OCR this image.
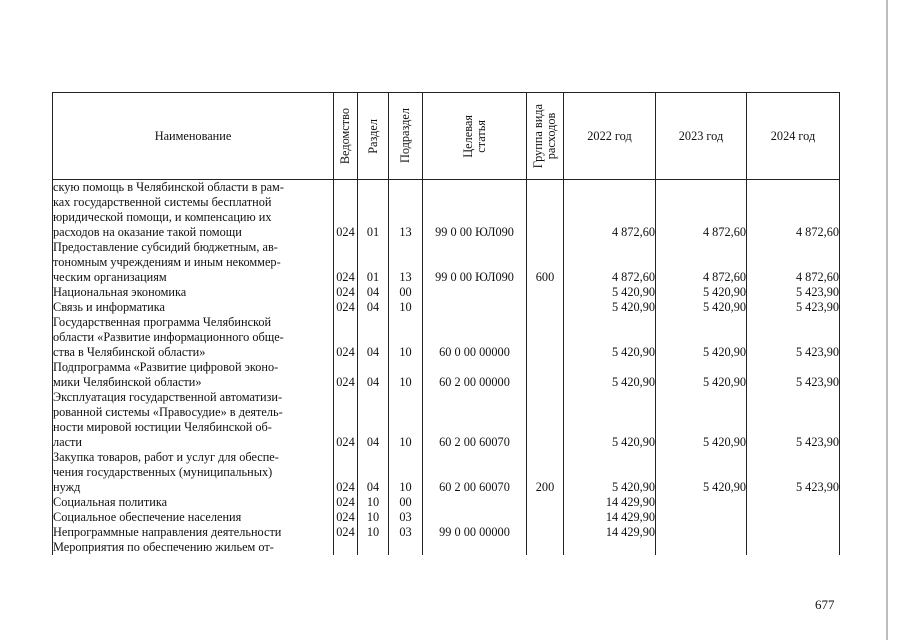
Наименование	Ведомство	Раздел	Подраздел	Целевая
статья	Группа вида
расходов	2022 год	2023 год	2024 год

скую помощь в Челябинской области в рам-
ках государственной системы бесплатной
юридической помощи, и компенсацию их
расходов на оказание такой помощи	024	01	13	99 0 00 ЮЛ090		4 872,60	4 872,60	4 872,60

Предоставление субсидий бюджетным, ав-
тономным учреждениям и иным некоммер-
ческим организациям	024	01	13	99 0 00 ЮЛ090	600	4 872,60	4 872,60	4 872,60

Национальная экономика	024	04	00			5 420,90	5 420,90	5 423,90

Связь и информатика	024	04	10			5 420,90	5 420,90	5 423,90

Государственная программа Челябинской
области «Развитие информационного обще-
ства в Челябинской области»	024	04	10	60 0 00 00000		5 420,90	5 420,90	5 423,90

Подпрограмма «Развитие цифровой эконо-
мики Челябинской области»	024	04	10	60 2 00 00000		5 420,90	5 420,90	5 423,90

Эксплуатация государственной автоматизи-
рованной системы «Правосудие» в деятель-
ности мировой юстиции Челябинской об-
ласти	024	04	10	60 2 00 60070		5 420,90	5 420,90	5 423,90

Закупка товаров, работ и услуг для обеспе-
чения государственных (муниципальных)
нужд	024	04	10	60 2 00 60070	200	5 420,90	5 420,90	5 423,90

Социальная политика	024	10	00			14 429,90		

Социальное обеспечение населения	024	10	03			14 429,90		

Непрограммные направления деятельности	024	10	03	99 0 00 00000		14 429,90		

Мероприятия по обеспечению жильем от-								

677
